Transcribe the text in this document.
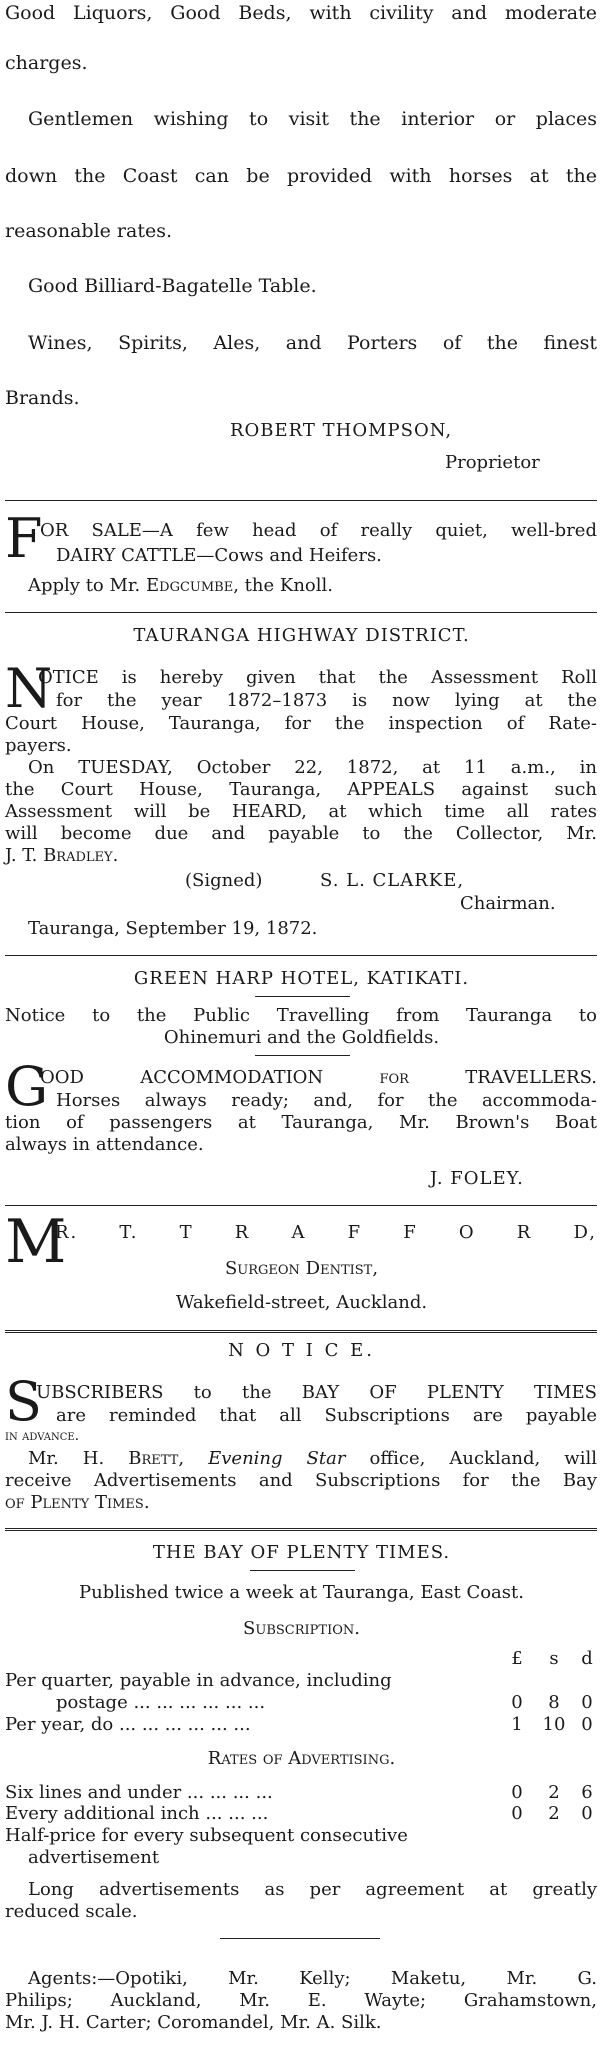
Good Liquors, Good Beds, with civility and moderate
charges.
Gentlemen wishing to visit the interior or places
down the Coast can be provided with horses at the
reasonable rates.
Good Billiard-Bagatelle Table.
Wines, Spirits, Ales, and Porters of the finest
Brands.
ROBERT THOMPSON,
Proprietor
F
OR SALE—A few head of really quiet, well-bred
DAIRY CATTLE—Cows and Heifers.
Apply to Mr. Edgcumbe, the Knoll.
TAURANGA HIGHWAY DISTRICT.
N
OTICE is hereby given that the Assessment Roll
for the year 1872–1873 is now lying at the
Court House, Tauranga, for the inspection of Rate-
payers.
On TUESDAY, October 22, 1872, at 11 a.m., in
the Court House, Tauranga, APPEALS against such
Assessment will be HEARD, at which time all rates
will become due and payable to the Collector, Mr.
J. T. Bradley.
(Signed)	S. L. CLARKE,
Chairman.
Tauranga, September 19, 1872.
GREEN HARP HOTEL, KATIKATI.
Notice to the Public Travelling from Tauranga to
Ohinemuri and the Goldfields.
G
OOD ACCOMMODATION	for	TRAVELLERS.
Horses always ready; and, for the accommoda-
tion of passengers at Tauranga, Mr. Brown's Boat
always in attendance.
J. FOLEY.
M
R. T. T R A F F O R D,
Surgeon Dentist,
Wakefield-street, Auckland.
N O T I C E.
S
UBSCRIBERS to the BAY OF PLENTY TIMES
are reminded that all Subscriptions are payable
in advance.
Mr. H. Brett, Evening Star office, Auckland, will
receive Advertisements and Subscriptions for the Bay
of Plenty Times.
THE BAY OF PLENTY TIMES.
Published twice a week at Tauranga, East Coast.
Subscription.
£ s d
Per quarter, payable in advance, including
postage ... ... ... ... ... ...	0 8 0
Per year, do ... ... ... ... ... ...	1 10 0
Rates of Advertising.
Six lines and under ... ... ... ...	0 2 6
Every additional inch ... ... ...	0 2 0
Half-price for every subsequent consecutive
advertisement
Long advertisements as per agreement at greatly
reduced scale.
Agents:—Opotiki, Mr. Kelly; Maketu, Mr. G.
Philips; Auckland, Mr. E. Wayte; Grahamstown,
Mr. J. H. Carter; Coromandel, Mr. A. Silk.
